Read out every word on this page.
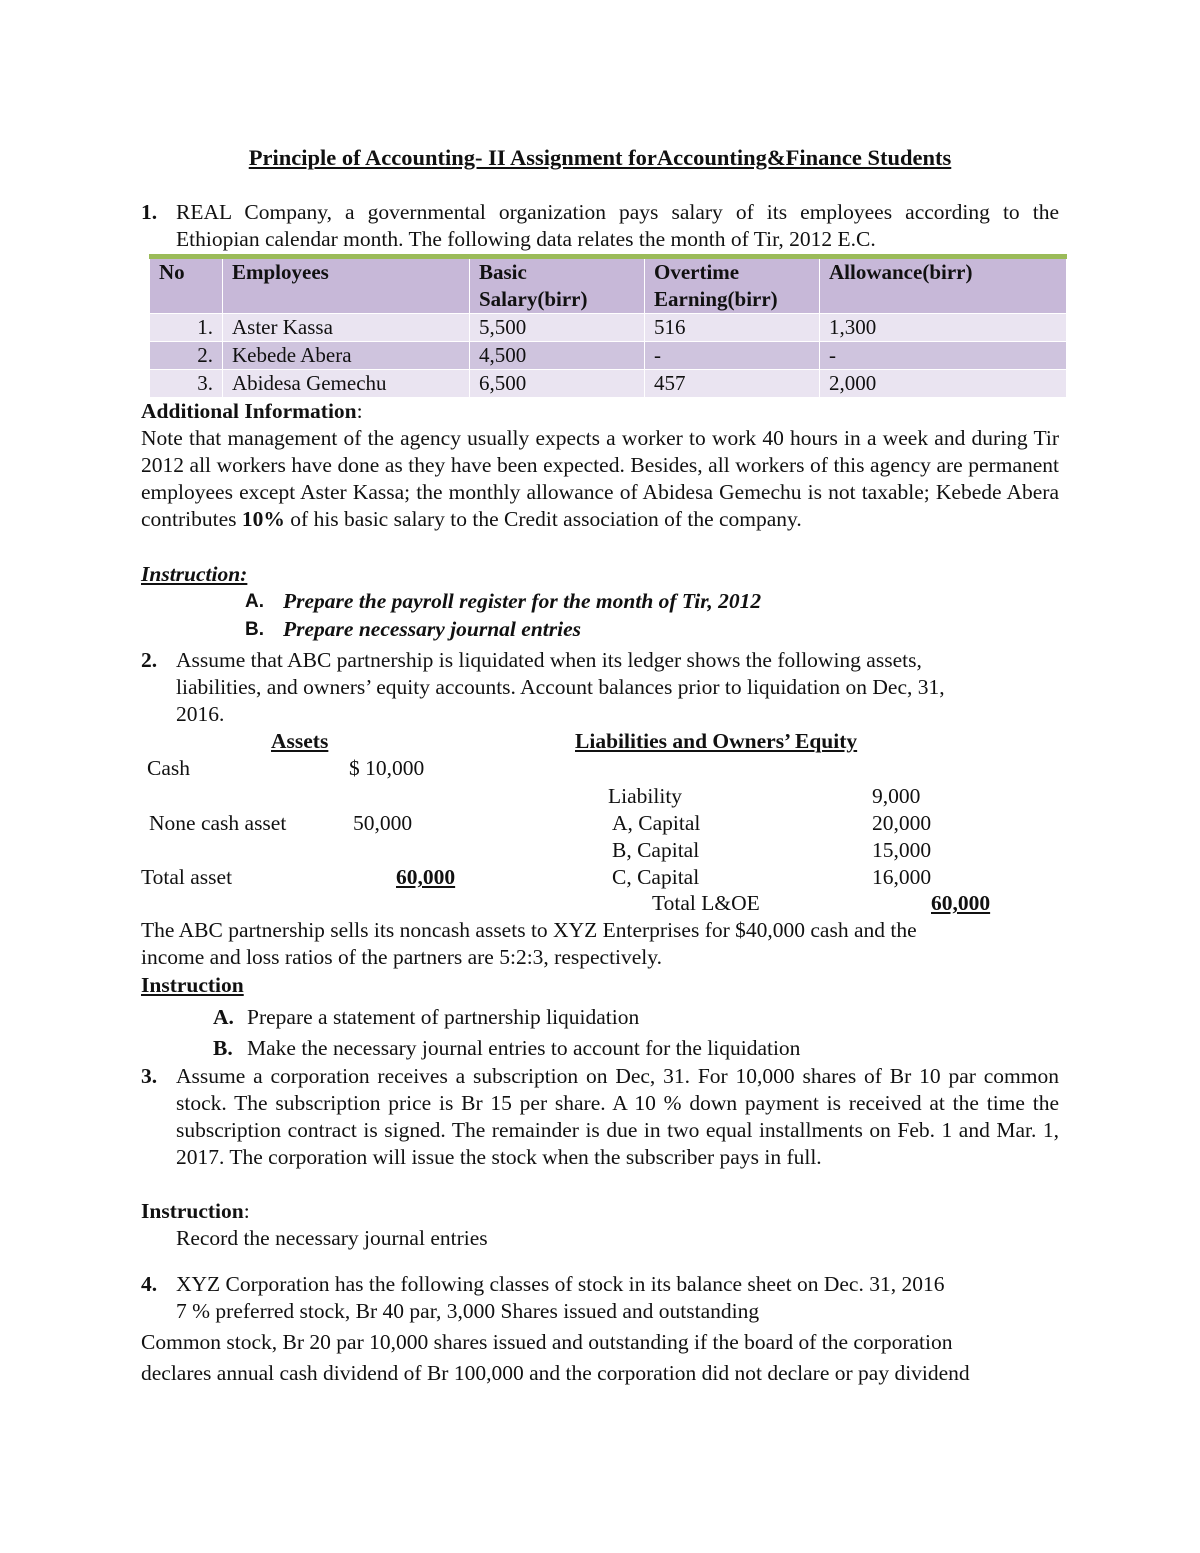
Principle of Accounting- II Assignment forAccounting&Finance Students
1. REAL Company, a governmental organization pays salary of its employees according to the
Ethiopian calendar month. The following data relates the month of Tir, 2012 E.C.
No	Employees	Basic Salary(birr)	Overtime Earning(birr)	Allowance(birr)
1.	Aster Kassa	5,500	516	1,300
2.	Kebede Abera	4,500	-	-
3.	Abidesa Gemechu	6,500	457	2,000
Additional Information:
Note that management of the agency usually expects a worker to work 40 hours in a week and during Tir 2012 all workers have done as they have been expected. Besides, all workers of this agency are permanent employees except Aster Kassa; the monthly allowance of Abidesa Gemechu is not taxable; Kebede Abera contributes 10% of his basic salary to the Credit association of the company.
Instruction:
A. Prepare the payroll register for the month of Tir, 2012
B. Prepare necessary journal entries
2. Assume that ABC partnership is liquidated when its ledger shows the following assets,
liabilities, and owners’ equity accounts. Account balances prior to liquidation on Dec, 31,
2016.
Assets	Liabilities and Owners’ Equity
Cash	$ 10,000
None cash asset	50,000
Total asset	60,000
Liability	9,000
A, Capital	20,000
B, Capital	15,000
C, Capital	16,000
Total L&OE	60,000
The ABC partnership sells its noncash assets to XYZ Enterprises for $40,000 cash and the
income and loss ratios of the partners are 5:2:3, respectively.
Instruction
A. Prepare a statement of partnership liquidation
B. Make the necessary journal entries to account for the liquidation
3. Assume a corporation receives a subscription on Dec, 31. For 10,000 shares of Br 10 par common stock. The subscription price is Br 15 per share. A 10 % down payment is received at the time the subscription contract is signed. The remainder is due in two equal installments on Feb. 1 and Mar. 1, 2017. The corporation will issue the stock when the subscriber pays in full.
Instruction:
Record the necessary journal entries
4. XYZ Corporation has the following classes of stock in its balance sheet on Dec. 31, 2016
7 % preferred stock, Br 40 par, 3,000 Shares issued and outstanding
Common stock, Br 20 par 10,000 shares issued and outstanding if the board of the corporation
declares annual cash dividend of Br 100,000 and the corporation did not declare or pay dividend
